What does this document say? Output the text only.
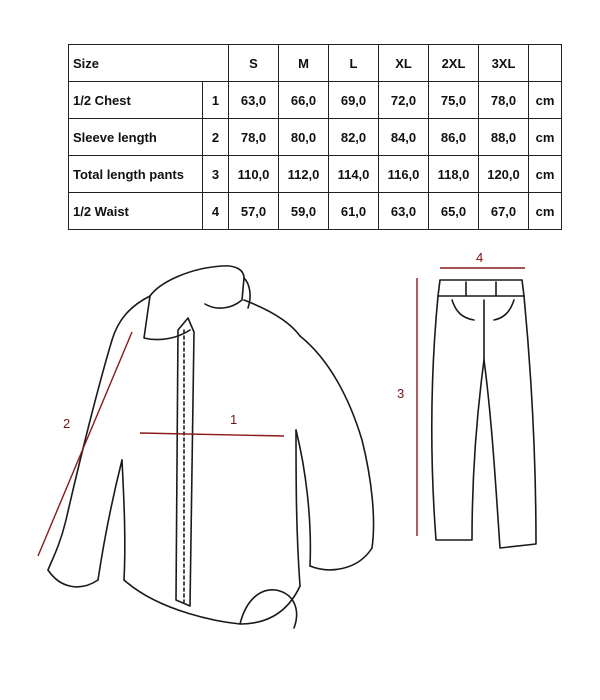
Size		S	M	L	XL	2XL	3XL	
1/2 Chest	1	63,0	66,0	69,0	72,0	75,0	78,0	cm
Sleeve length	2	78,0	80,0	82,0	84,0	86,0	88,0	cm
Total length pants	3	110,0	112,0	114,0	116,0	118,0	120,0	cm
1/2 Waist	4	57,0	59,0	61,0	63,0	65,0	67,0	cm
1
2
3
4
